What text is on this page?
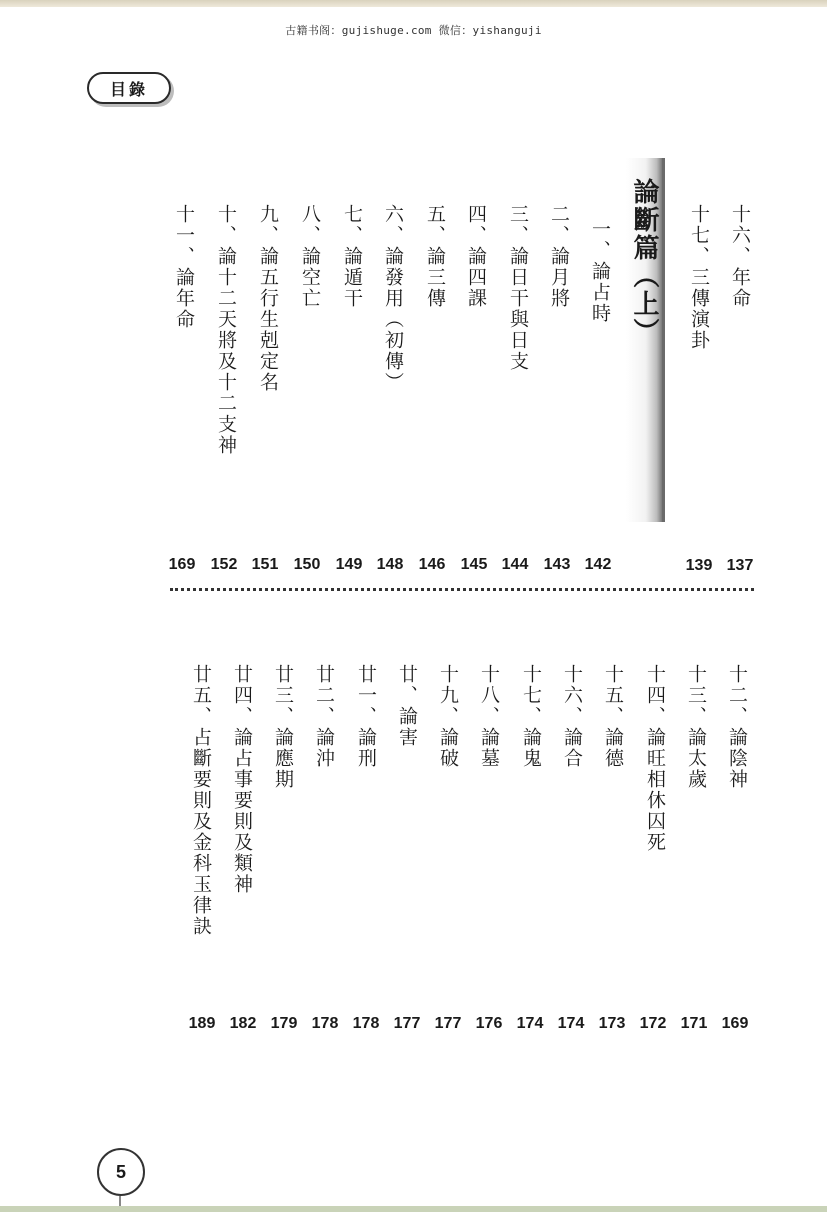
古籍书阁：gujishuge.com 微信：yishanguji
目錄
論斷篇（上）	十六、年命
十七、三傳演卦
一、論占時
二、論月將
三、論日干與日支
四、論四課
五、論三傳
六、論發用（初傳）
七、論遁干
八、論空亡
九、論五行生剋定名
十、論十二天將及十二支神
十一、論年命
137
139
142
143
144
145
146
148
149
150
151
152
169
十二、論陰神
十三、論太歲
十四、論旺相休囚死
十五、論德
十六、論合
十七、論鬼
十八、論墓
十九、論破
廿、論害
廿一、論刑
廿二、論沖
廿三、論應期
廿四、論占事要則及類神
廿五、占斷要則及金科玉律訣
169
171
172
173
174
174
176
177
177
178
178
179
182
189
5
